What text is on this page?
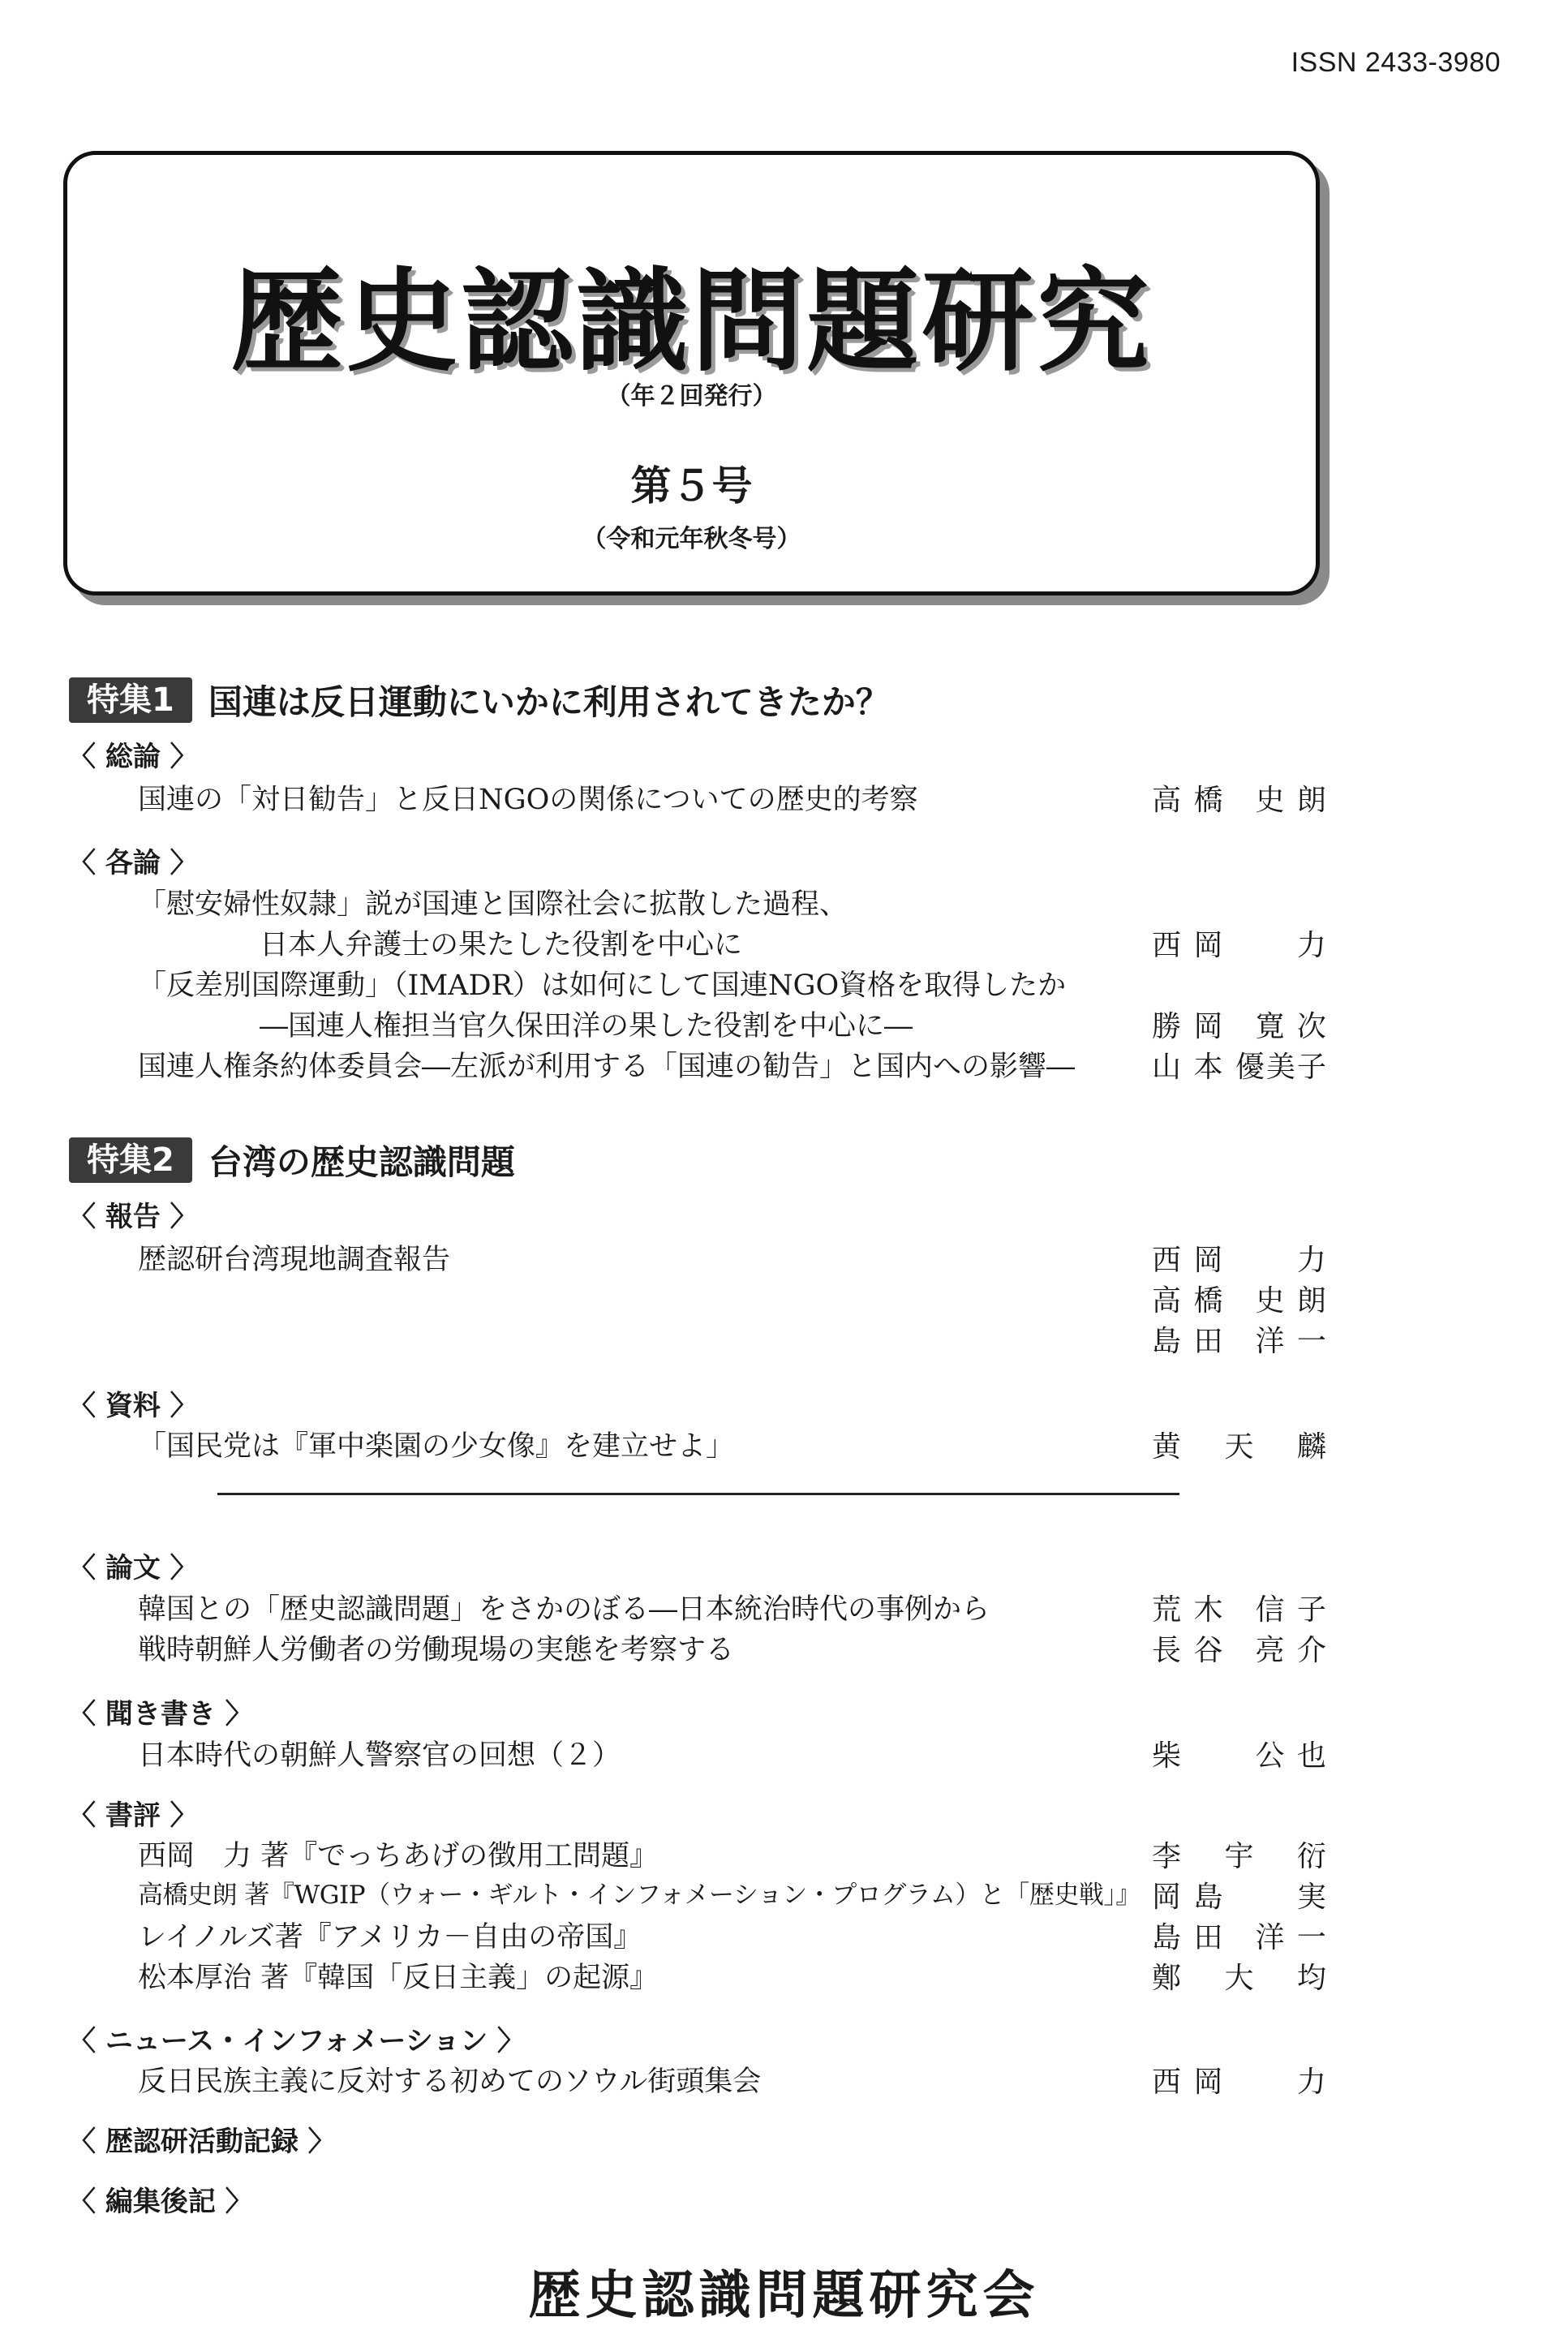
ISSN 2433-3980
歴史認識問題研究
（年２回発行）
第５号
（令和元年秋冬号）
特集1	国連は反日運動にいかに利用されてきたか？
〈 総論 〉
国連の「対日勧告」と反日NGOの関係についての歴史的考察	高 橋　史 朗
〈 各論 〉
「慰安婦性奴隷」説が国連と国際社会に拡散した過程、
日本人弁護士の果たした役割を中心に	西 岡　　 力
「反差別国際運動」（IMADR）は如何にして国連NGO資格を取得したか
―国連人権担当官久保田洋の果した役割を中心に―	勝 岡　寛 次
国連人権条約体委員会―左派が利用する「国連の勧告」と国内への影響―	山 本 優美子
特集2	台湾の歴史認識問題
〈 報告 〉
歴認研台湾現地調査報告	西 岡　　 力
高 橋　史 朗
島 田　洋 一
〈 資料 〉
「国民党は『軍中楽園の少女像』を建立せよ」	黄　 天 　麟
〈 論文 〉
韓国との「歴史認識問題」をさかのぼる―日本統治時代の事例から	荒 木　信 子
戦時朝鮮人労働者の労働現場の実態を考察する	長 谷　亮 介
〈 聞き書き 〉
日本時代の朝鮮人警察官の回想（２）	柴　　 公 也
〈 書評 〉
西岡　力 著『でっちあげの徴用工問題』	李　 宇 　衍
高橋史朗 著『WGIP（ウォー・ギルト・インフォメーション・プログラム）と「歴史戦」』 岡 島　　 実
レイノルズ著『アメリカ－自由の帝国』	島 田　洋 一
松本厚治 著『韓国「反日主義」の起源』	鄭　 大 　均
〈 ニュース・インフォメーション 〉
反日民族主義に反対する初めてのソウル街頭集会	西 岡　　 力
〈 歴認研活動記録 〉
〈 編集後記 〉
歴史認識問題研究会
